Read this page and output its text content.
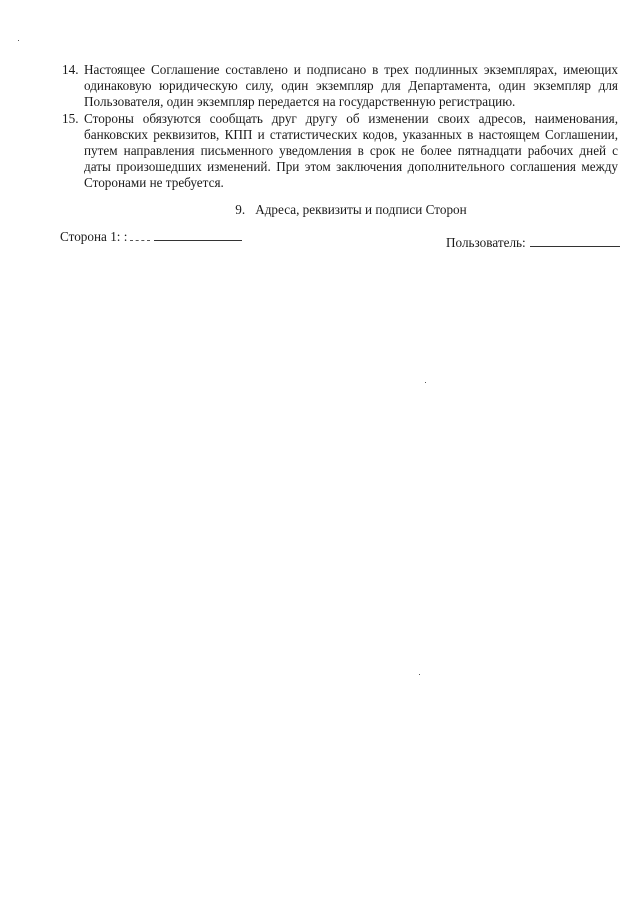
14. Настоящее Соглашение составлено и подписано в трех подлинных экземплярах, имеющих одинаковую юридическую силу, один экземпляр для Департамента, один экземпляр для Пользователя, один экземпляр передается на государственную регистрацию.
15. Стороны обязуются сообщать друг другу об изменении своих адресов, наименования, банковских реквизитов, КПП и статистических кодов, указанных в настоящем Соглашении, путем направления письменного уведомления в срок не более пятнадцати рабочих дней с даты произошедших изменений. При этом заключения дополнительного соглашения между Сторонами не требуется.
9. Адреса, реквизиты и подписи Сторон
Сторона 1: :	Пользователь:
